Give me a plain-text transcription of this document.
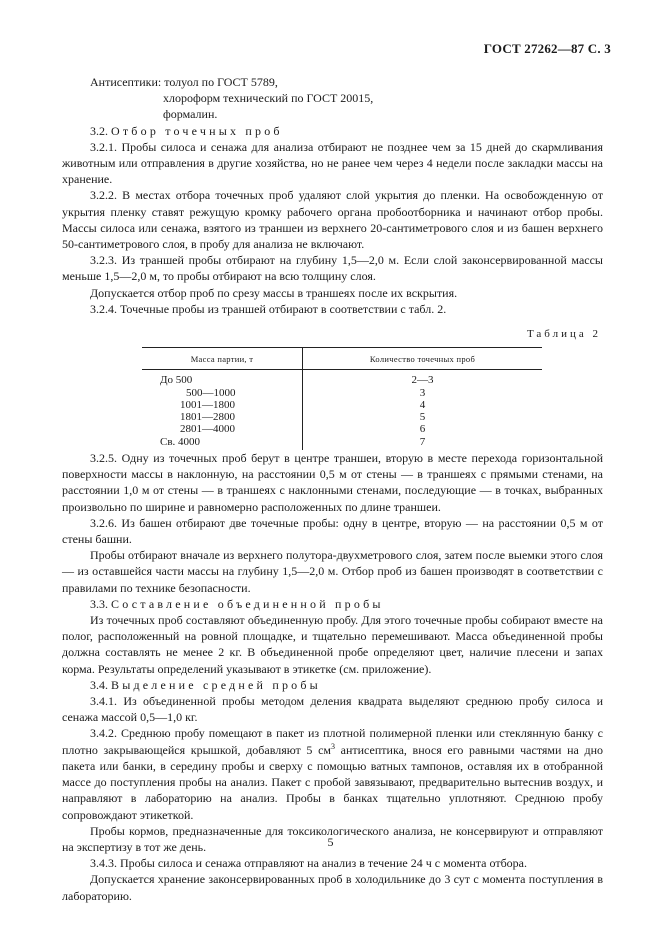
ГОСТ 27262—87 С. 3
Антисептики: толуол по ГОСТ 5789,
хлороформ технический по ГОСТ 20015,
формалин.

3.2. Отбор точечных проб

3.2.1. Пробы силоса и сенажа для анализа отбирают не позднее чем за 15 дней до скармливания животным или отправления в другие хозяйства, но не ранее чем через 4 недели после закладки массы на хранение.

3.2.2. В местах отбора точечных проб удаляют слой укрытия до пленки. На освобожденную от укрытия пленку ставят режущую кромку рабочего органа пробоотборника и начинают отбор пробы. Массы силоса или сенажа, взятого из траншеи из верхнего 20-сантиметрового слоя и из башен верхнего 50-сантиметрового слоя, в пробу для анализа не включают.

3.2.3. Из траншей пробы отбирают на глубину 1,5—2,0 м. Если слой законсервированной массы меньше 1,5—2,0 м, то пробы отбирают на всю толщину слоя.

Допускается отбор проб по срезу массы в траншеях после их вскрытия.

3.2.4. Точечные пробы из траншей отбирают в соответствии с табл. 2.

Таблица 2
Масса партии, т	Количество точечных проб
До 500	2—3
500—1000	3
1001—1800	4
1801—2800	5
2801—4000	6
Св. 4000	7

3.2.5. Одну из точечных проб берут в центре траншеи, вторую в месте перехода горизонтальной поверхности массы в наклонную, на расстоянии 0,5 м от стены — в траншеях с прямыми стенами, на расстоянии 1,0 м от стены — в траншеях с наклонными стенами, последующие — в точках, выбранных произвольно по ширине и равномерно расположенных по длине траншеи.

3.2.6. Из башен отбирают две точечные пробы: одну в центре, вторую — на расстоянии 0,5 м от стены башни.

Пробы отбирают вначале из верхнего полутора-двухметрового слоя, затем после выемки этого слоя — из оставшейся части массы на глубину 1,5—2,0 м. Отбор проб из башен производят в соответствии с правилами по технике безопасности.

3.3. Составление объединенной пробы

Из точечных проб составляют объединенную пробу. Для этого точечные пробы собирают вместе на полог, расположенный на ровной площадке, и тщательно перемешивают. Масса объединенной пробы должна составлять не менее 2 кг. В объединенной пробе определяют цвет, наличие плесени и запах корма. Результаты определений указывают в этикетке (см. приложение).

3.4. Выделение средней пробы

3.4.1. Из объединенной пробы методом деления квадрата выделяют среднюю пробу силоса и сенажа массой 0,5—1,0 кг.

3.4.2. Среднюю пробу помещают в пакет из плотной полимерной пленки или стеклянную банку с плотно закрывающейся крышкой, добавляют 5 $см^3$ антисептика, внося его равными частями на дно пакета или банки, в середину пробы и сверху с помощью ватных тампонов, оставляя их в отобранной массе до поступления пробы на анализ. Пакет с пробой завязывают, предварительно вытеснив воздух, и направляют в лабораторию на анализ. Пробы в банках тщательно уплотняют. Среднюю пробу сопровождают этикеткой.

Пробы кормов, предназначенные для токсикологического анализа, не консервируют и отправляют на экспертизу в тот же день.

3.4.3. Пробы силоса и сенажа отправляют на анализ в течение 24 ч с момента отбора.

Допускается хранение законсервированных проб в холодильнике до 3 сут с момента поступления в лабораторию.

5
